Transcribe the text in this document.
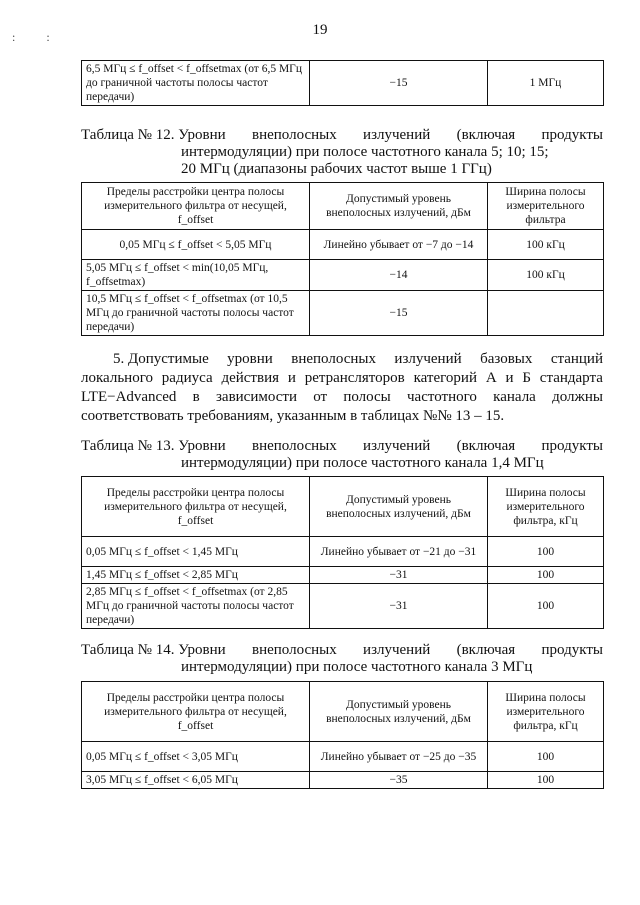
: :	19
6,5 МГц ≤ f_offset < f_offsetmax (от 6,5 МГц до граничной частоты полосы частот передачи)	−15	1 МГц
Таблица № 12. Уровни внеполосных излучений (включая продукты
интермодуляции) при полосе частотного канала 5; 10; 15;
20 МГц (диапазоны рабочих частот выше 1 ГГц)
Пределы расстройки центра полосы измерительного фильтра от несущей, f_offset	Допустимый уровень внеполосных излучений, дБм	Ширина полосы измерительного фильтра
0,05 МГц ≤ f_offset < 5,05 МГц	Линейно убывает от −7 до −14	100 кГц
5,05 МГц ≤ f_offset < min(10,05 МГц, f_offsetmax)	−14	100 кГц
10,5 МГц ≤ f_offset < f_offsetmax (от 10,5 МГц до граничной частоты полосы частот передачи)	−15	
5. Допустимые уровни внеполосных излучений базовых станций
локального радиуса действия и ретрансляторов категорий А и Б стандарта
LTE−Advanced в зависимости от полосы частотного канала должны
соответствовать требованиям, указанным в таблицах №№ 13 – 15.
Таблица № 13. Уровни внеполосных излучений (включая продукты
интермодуляции) при полосе частотного канала 1,4 МГц
Пределы расстройки центра полосы измерительного фильтра от несущей, f_offset	Допустимый уровень внеполосных излучений, дБм	Ширина полосы измерительного фильтра, кГц
0,05 МГц ≤ f_offset < 1,45 МГц	Линейно убывает от −21 до −31	100
1,45 МГц ≤ f_offset < 2,85 МГц	−31	100
2,85 МГц ≤ f_offset < f_offsetmax (от 2,85 МГц до граничной частоты полосы частот передачи)	−31	100
Таблица № 14. Уровни внеполосных излучений (включая продукты
интермодуляции) при полосе частотного канала 3 МГц
Пределы расстройки центра полосы измерительного фильтра от несущей, f_offset	Допустимый уровень внеполосных излучений, дБм	Ширина полосы измерительного фильтра, кГц
0,05 МГц ≤ f_offset < 3,05 МГц	Линейно убывает от −25 до −35	100
3,05 МГц ≤ f_offset < 6,05 МГц	−35	100
